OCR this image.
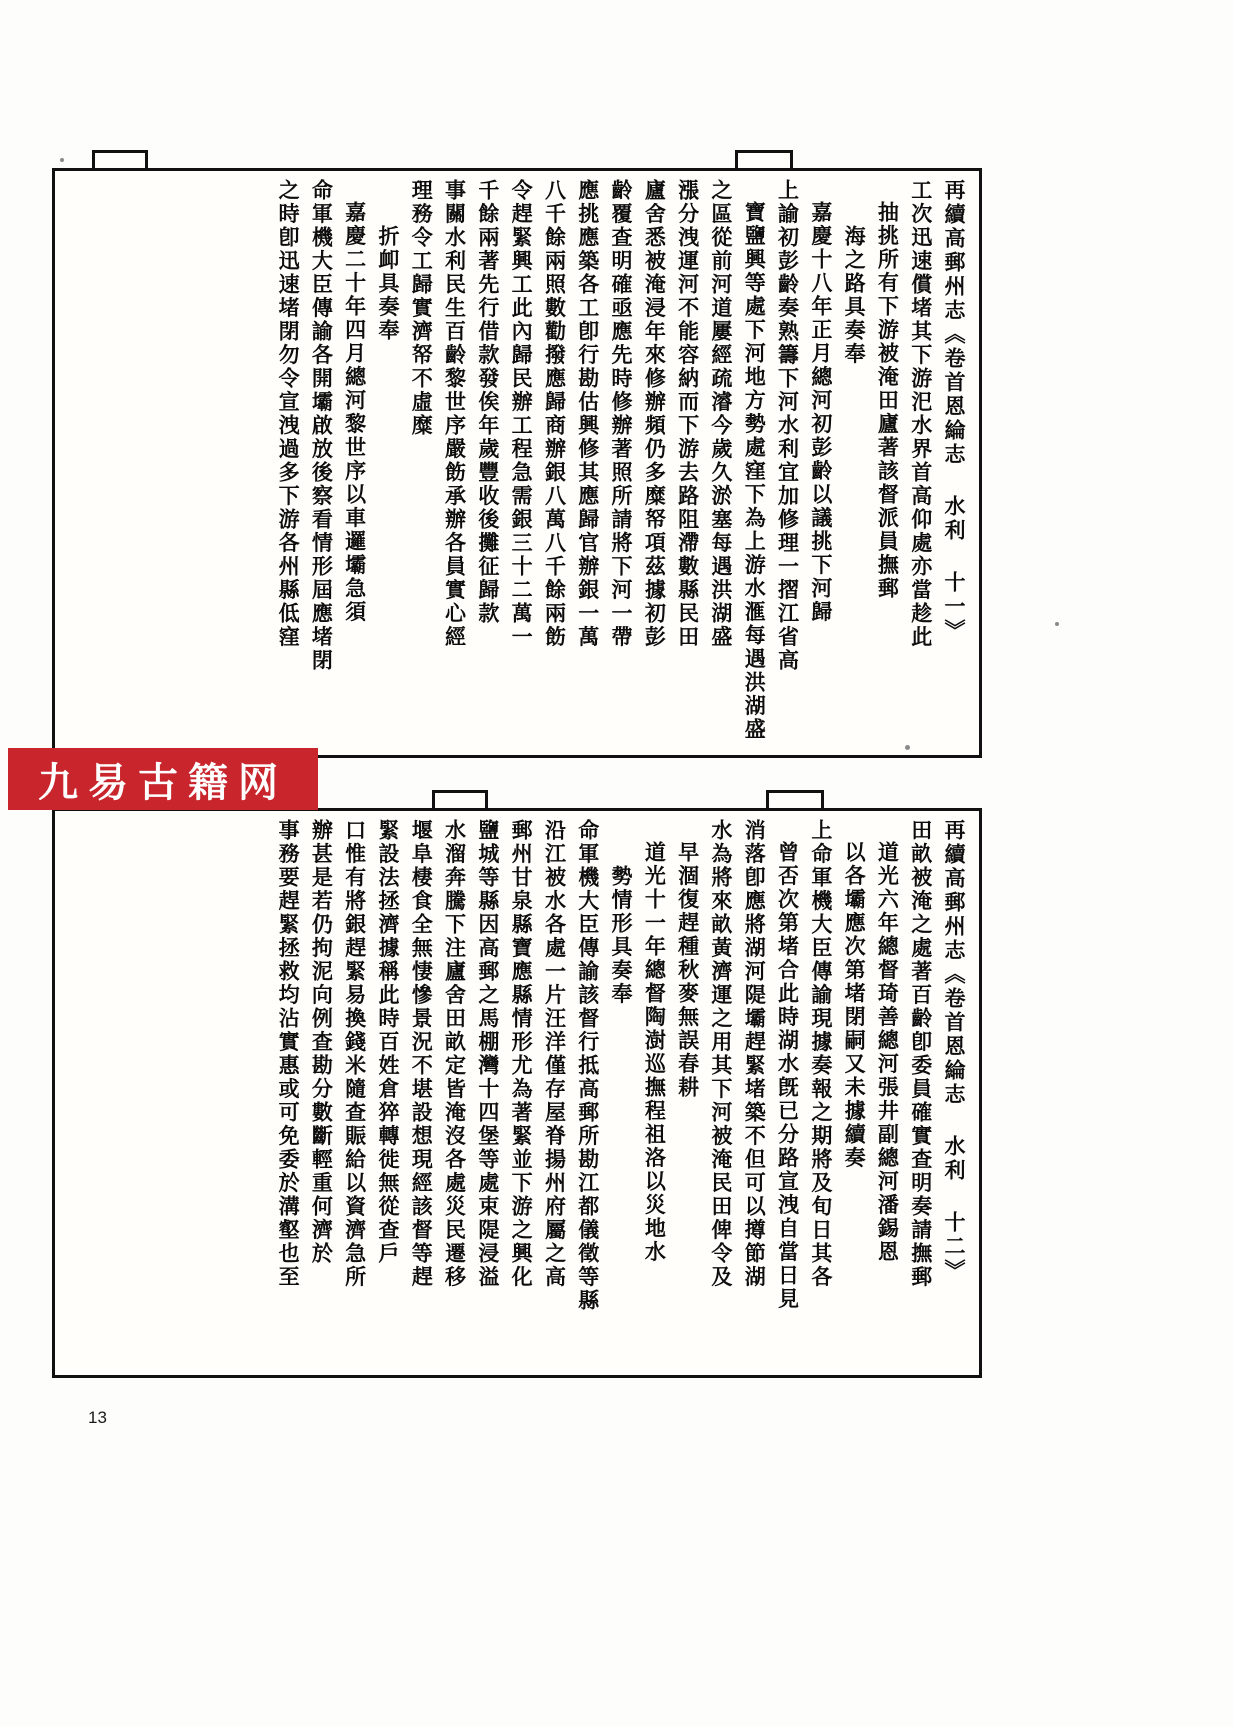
再續高郵州志《卷首恩綸志 水利 十一》
工次迅速償堵其下游汜水界首高仰處亦當趁此
抽挑所有下游被淹田廬著該督派員撫郵
海之路具奏奉
嘉慶十八年正月總河初彭齡以議挑下河歸
上諭初彭齡奏熟籌下河水利宜加修理一摺江省高
寶鹽興等處下河地方勢處窪下為上游水滙每遇洪湖盛
之區從前河道屢經疏濬今歲久淤塞每遇洪湖盛
漲分洩運河不能容納而下游去路阻滯數縣民田
廬舍悉被淹浸年來修辦頻仍多糜帑項茲據初彭
齡覆查明確亟應先時修辦著照所請將下河一帶
應挑應築各工卽行勘估興修其應歸官辦銀一萬
八千餘兩照數勸撥應歸商辦銀八萬八千餘兩飭
令趕緊興工此內歸民辦工程急需銀三十二萬一
千餘兩著先行借款發俟年歲豐收後攤征歸款
事關水利民生百齡黎世序嚴飭承辦各員實心經
理務令工歸實濟帑不虛糜
折卹具奏奉
嘉慶二十年四月總河黎世序以車邏壩急須
命軍機大臣傳諭各開壩啟放後察看情形屆應堵閉
之時卽迅速堵閉勿令宣洩過多下游各州縣低窪
再續高郵州志《卷首恩綸志 水利 十二》
田畝被淹之處著百齡卽委員確實查明奏請撫郵
道光六年總督琦善總河張井副總河潘錫恩
以各壩應次第堵閉嗣又未據續奏
上命軍機大臣傳諭現據奏報之期將及旬日其各
曾否次第堵合此時湖水旣已分路宣洩自當日見
消落卽應將湖河隄壩趕緊堵築不但可以撙節湖
水為將來畝黃濟運之用其下河被淹民田俾令及
早涸復趕種秋麥無誤春耕
道光十一年總督陶澍巡撫程祖洛以災地水
勢情形具奏奉
命軍機大臣傳諭該督行抵高郵所勘江都儀徵等縣
沿江被水各處一片汪洋僅存屋脊揚州府屬之高
郵州甘泉縣寶應縣情形尤為著緊並下游之興化
鹽城等縣因高郵之馬棚灣十四堡等處束隄浸溢
水溜奔騰下注廬舍田畝定皆淹沒各處災民遷移
堰阜棲食全無悽慘景況不堪設想現經該督等趕
緊設法拯濟據稱此時百姓倉猝轉徙無從查戶
口惟有將銀趕緊易換錢米隨查賑給以資濟急所
辦甚是若仍拘泥向例查勘分數斷輕重何濟於
事務要趕緊拯救均沾實惠或可免委於溝壑也至
九易古籍网
13
